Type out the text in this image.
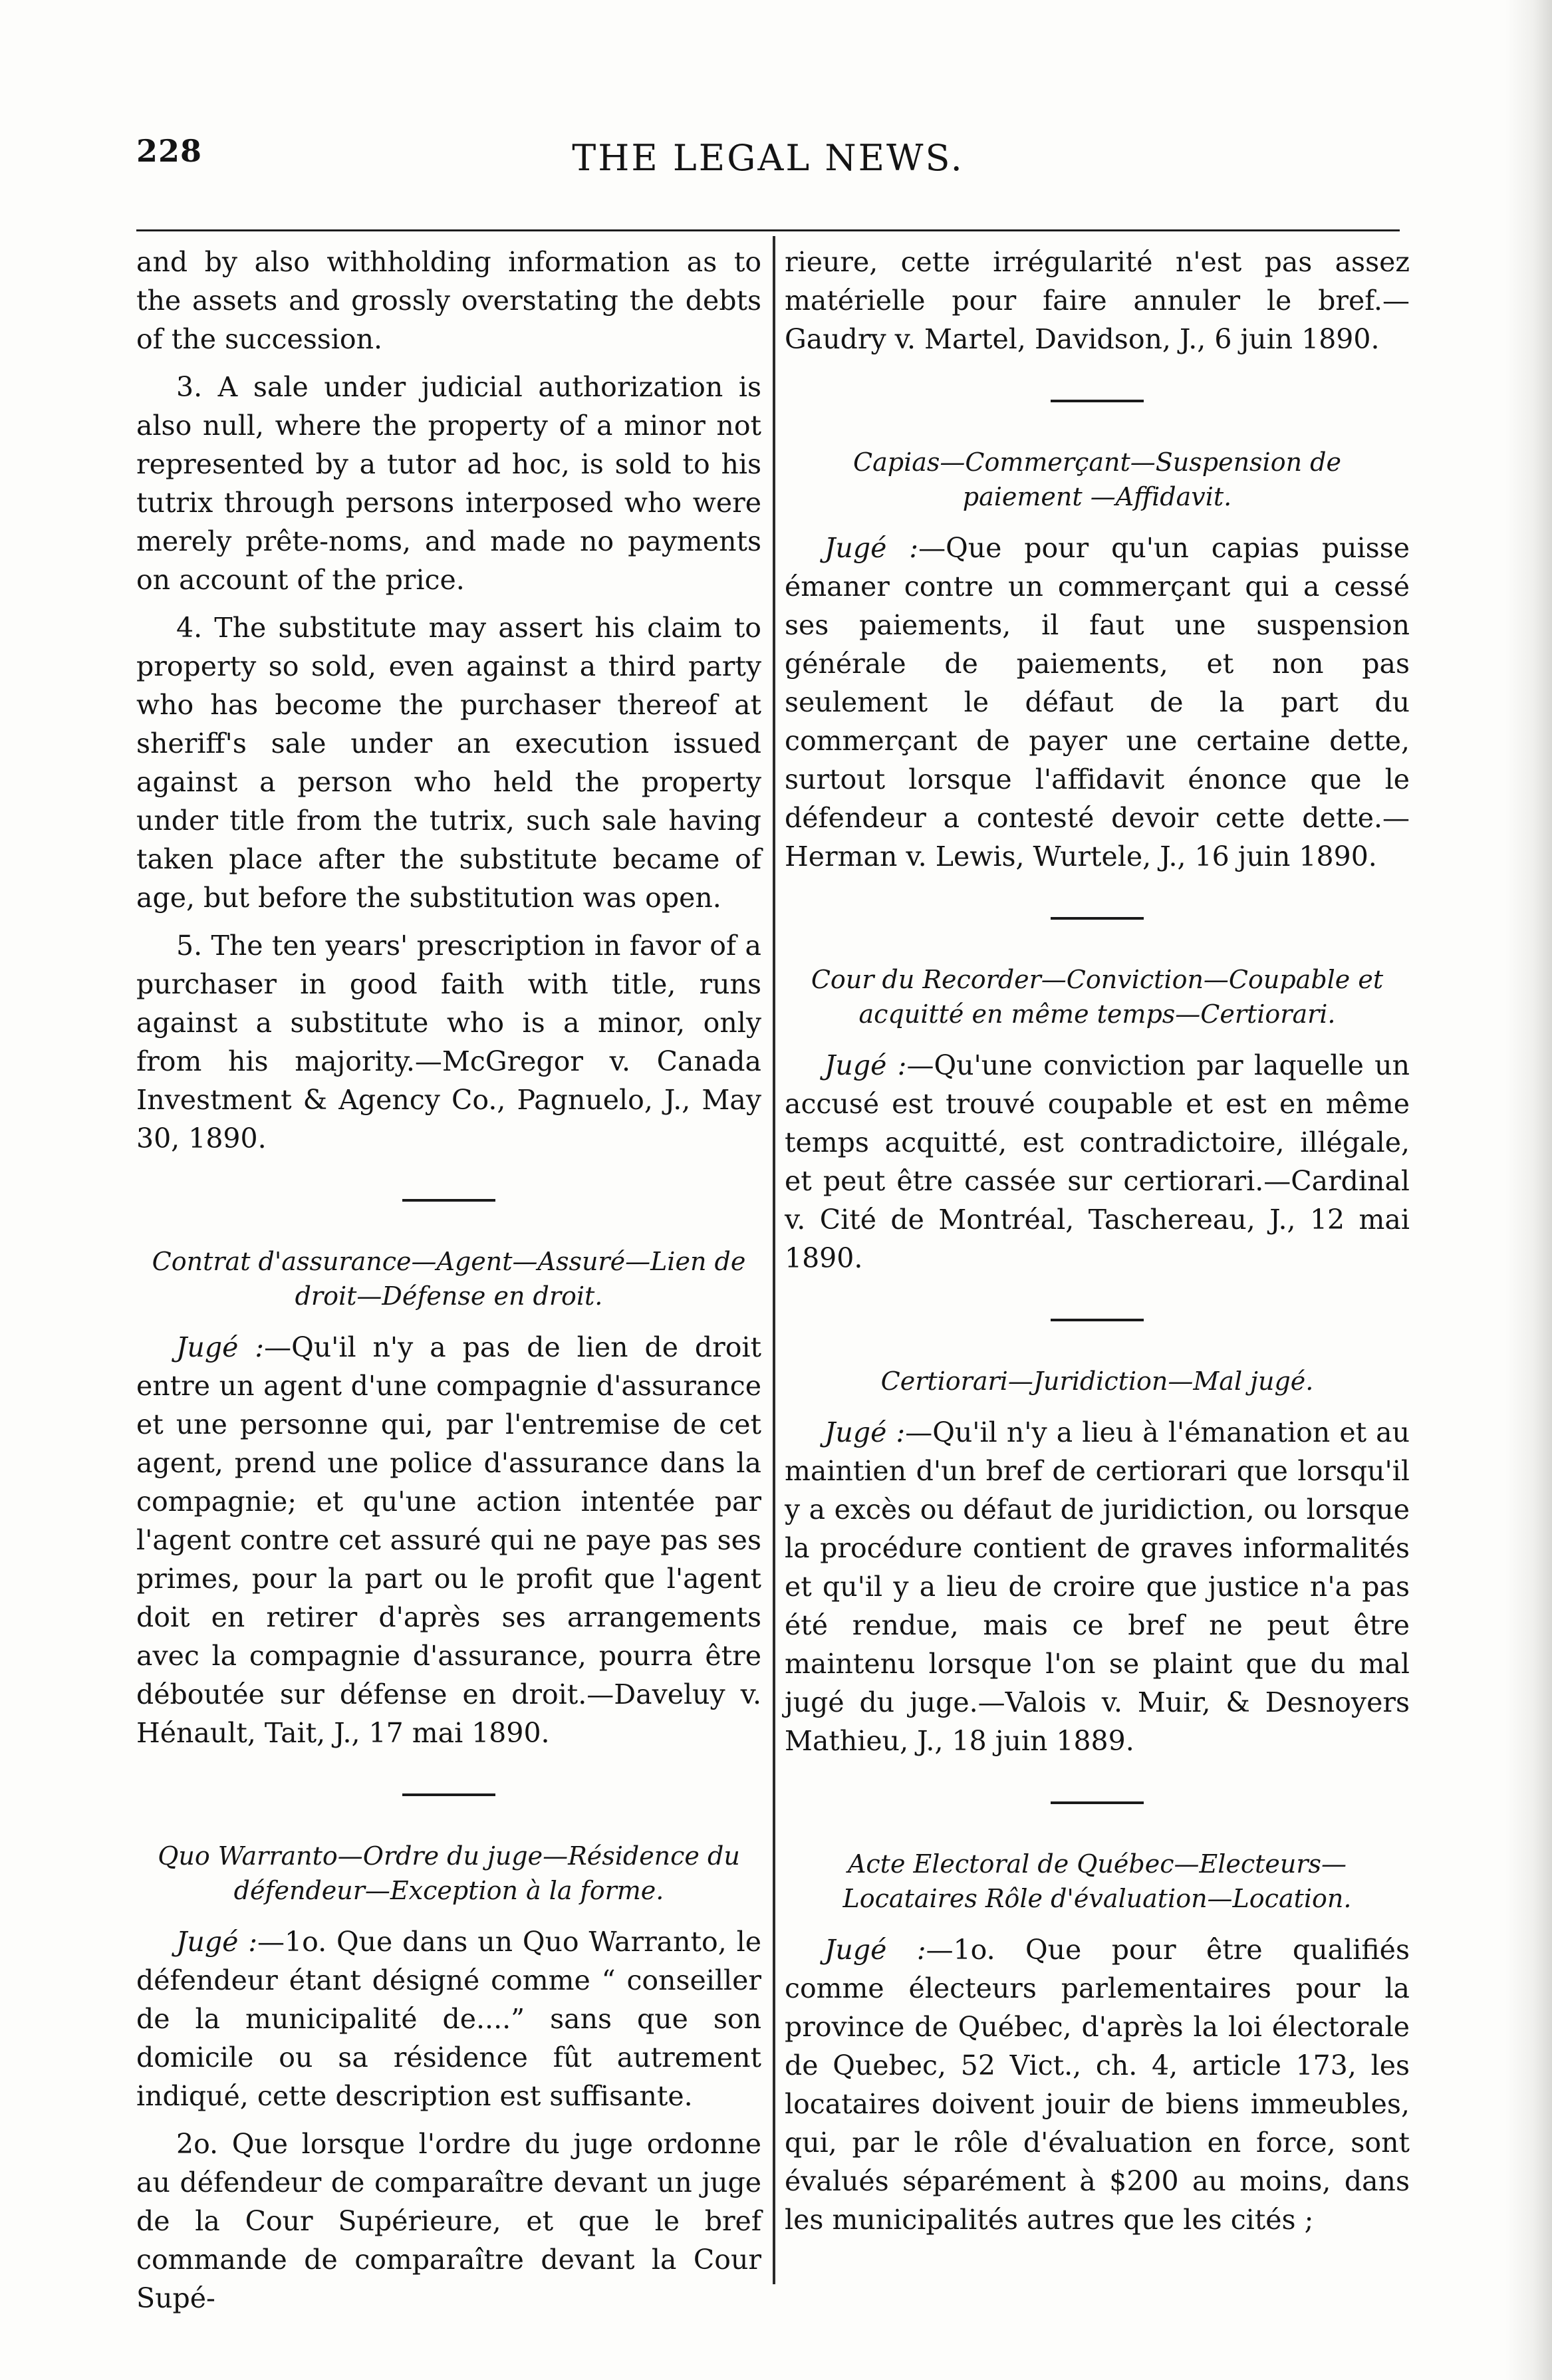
228	THE LEGAL NEWS.

and by also withholding information as to the assets and grossly overstating the debts of the succession.

3. A sale under judicial authorization is also null, where the property of a minor not represented by a tutor ad hoc, is sold to his tutrix through persons interposed who were merely prête-noms, and made no payments on account of the price.

4. The substitute may assert his claim to property so sold, even against a third party who has become the purchaser thereof at sheriff's sale under an execution issued against a person who held the property under title from the tutrix, such sale having taken place after the substitute became of age, but before the substitution was open.

5. The ten years' prescription in favor of a purchaser in good faith with title, runs against a substitute who is a minor, only from his majority.—McGregor v. Canada Investment & Agency Co., Pagnuelo, J., May 30, 1890.

Contrat d'assurance—Agent—Assuré—Lien de droit—Défense en droit.

Jugé :—Qu'il n'y a pas de lien de droit entre un agent d'une compagnie d'assurance et une personne qui, par l'entremise de cet agent, prend une police d'assurance dans la compagnie; et qu'une action intentée par l'agent contre cet assuré qui ne paye pas ses primes, pour la part ou le profit que l'agent doit en retirer d'après ses arrangements avec la compagnie d'assurance, pourra être déboutée sur défense en droit.—Daveluy v. Hénault, Tait, J., 17 mai 1890.

Quo Warranto—Ordre du juge—Résidence du défendeur—Exception à la forme.

Jugé :—1o. Que dans un Quo Warranto, le défendeur étant désigné comme “ conseiller de la municipalité de....” sans que son domicile ou sa résidence fût autrement indiqué, cette description est suffisante.

2o. Que lorsque l'ordre du juge ordonne au défendeur de comparaître devant un juge de la Cour Supérieure, et que le bref commande de comparaître devant la Cour Supé-

rieure, cette irrégularité n'est pas assez matérielle pour faire annuler le bref.—Gaudry v. Martel, Davidson, J., 6 juin 1890.

Capias—Commerçant—Suspension de paiement —Affidavit.

Jugé :—Que pour qu'un capias puisse émaner contre un commerçant qui a cessé ses paiements, il faut une suspension générale de paiements, et non pas seulement le défaut de la part du commerçant de payer une certaine dette, surtout lorsque l'affidavit énonce que le défendeur a contesté devoir cette dette.—Herman v. Lewis, Wurtele, J., 16 juin 1890.

Cour du Recorder—Conviction—Coupable et acquitté en même temps—Certiorari.

Jugé :—Qu'une conviction par laquelle un accusé est trouvé coupable et est en même temps acquitté, est contradictoire, illégale, et peut être cassée sur certiorari.—Cardinal v. Cité de Montréal, Taschereau, J., 12 mai 1890.

Certiorari—Juridiction—Mal jugé.

Jugé :—Qu'il n'y a lieu à l'émanation et au maintien d'un bref de certiorari que lorsqu'il y a excès ou défaut de juridiction, ou lorsque la procédure contient de graves informalités et qu'il y a lieu de croire que justice n'a pas été rendue, mais ce bref ne peut être maintenu lorsque l'on se plaint que du mal jugé du juge.—Valois v. Muir, & Desnoyers Mathieu, J., 18 juin 1889.

Acte Electoral de Québec—Electeurs—Locataires Rôle d'évaluation—Location.

Jugé :—1o. Que pour être qualifiés comme électeurs parlementaires pour la province de Québec, d'après la loi électorale de Quebec, 52 Vict., ch. 4, article 173, les locataires doivent jouir de biens immeubles, qui, par le rôle d'évaluation en force, sont évalués séparément à $200 au moins, dans les municipalités autres que les cités ;
